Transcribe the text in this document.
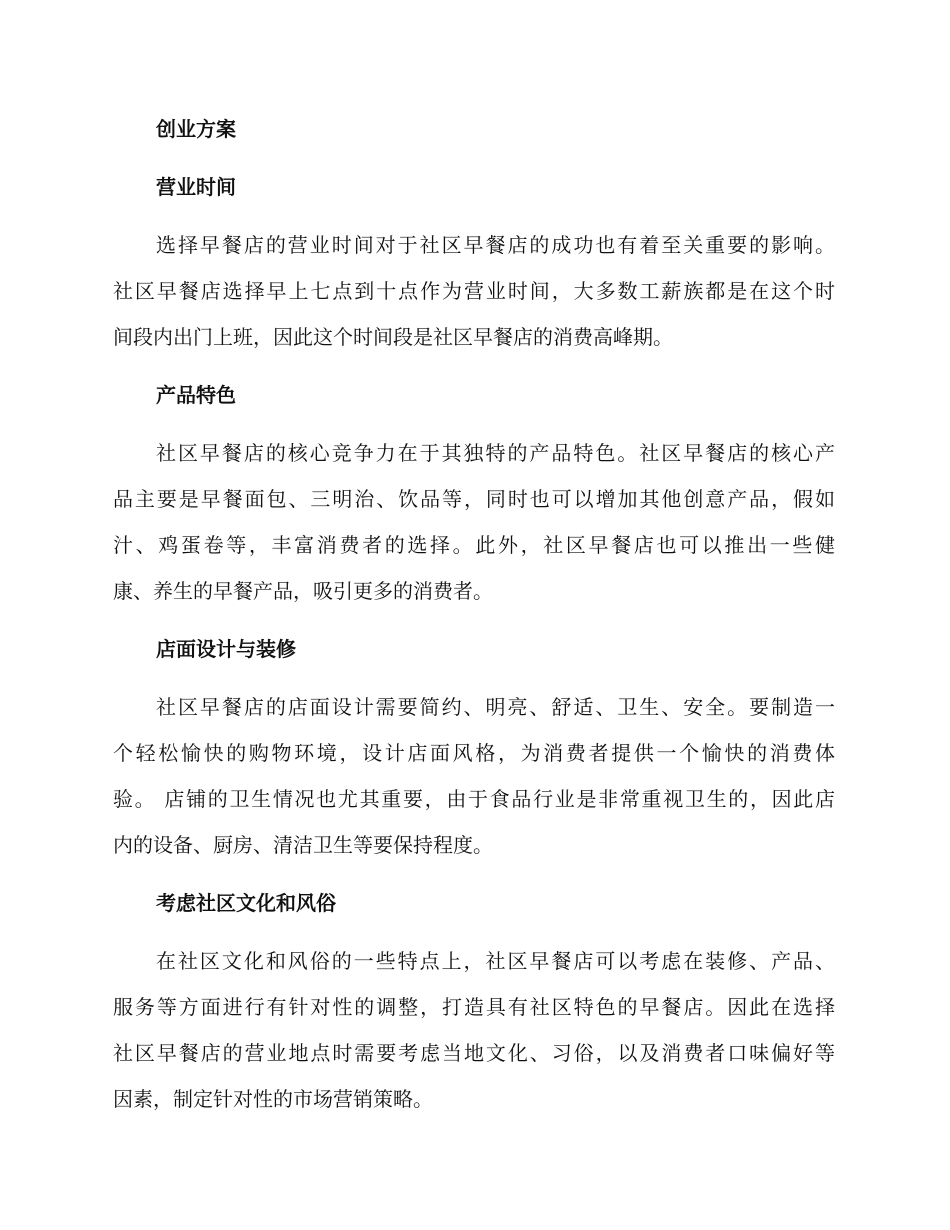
创业方案
营业时间
选择早餐店的营业时间对于社区早餐店的成功也有着至关重要的影响。
社区早餐店选择早上七点到十点作为营业时间，大多数工薪族都是在这个时
间段内出门上班，因此这个时间段是社区早餐店的消费高峰期。
产品特色
社区早餐店的核心竞争力在于其独特的产品特色。社区早餐店的核心产
品主要是早餐面包、三明治、饮品等，同时也可以增加其他创意产品，假如
汁、鸡蛋卷等，丰富消费者的选择。此外，社区早餐店也可以推出一些健
康、养生的早餐产品，吸引更多的消费者。
店面设计与装修
社区早餐店的店面设计需要简约、明亮、舒适、卫生、安全。要制造一
个轻松愉快的购物环境，设计店面风格，为消费者提供一个愉快的消费体
验。 店铺的卫生情况也尤其重要，由于食品行业是非常重视卫生的，因此店
内的设备、厨房、清洁卫生等要保持程度。
考虑社区文化和风俗
在社区文化和风俗的一些特点上，社区早餐店可以考虑在装修、产品、
服务等方面进行有针对性的调整，打造具有社区特色的早餐店。因此在选择
社区早餐店的营业地点时需要考虑当地文化、习俗，以及消费者口味偏好等
因素，制定针对性的市场营销策略。
